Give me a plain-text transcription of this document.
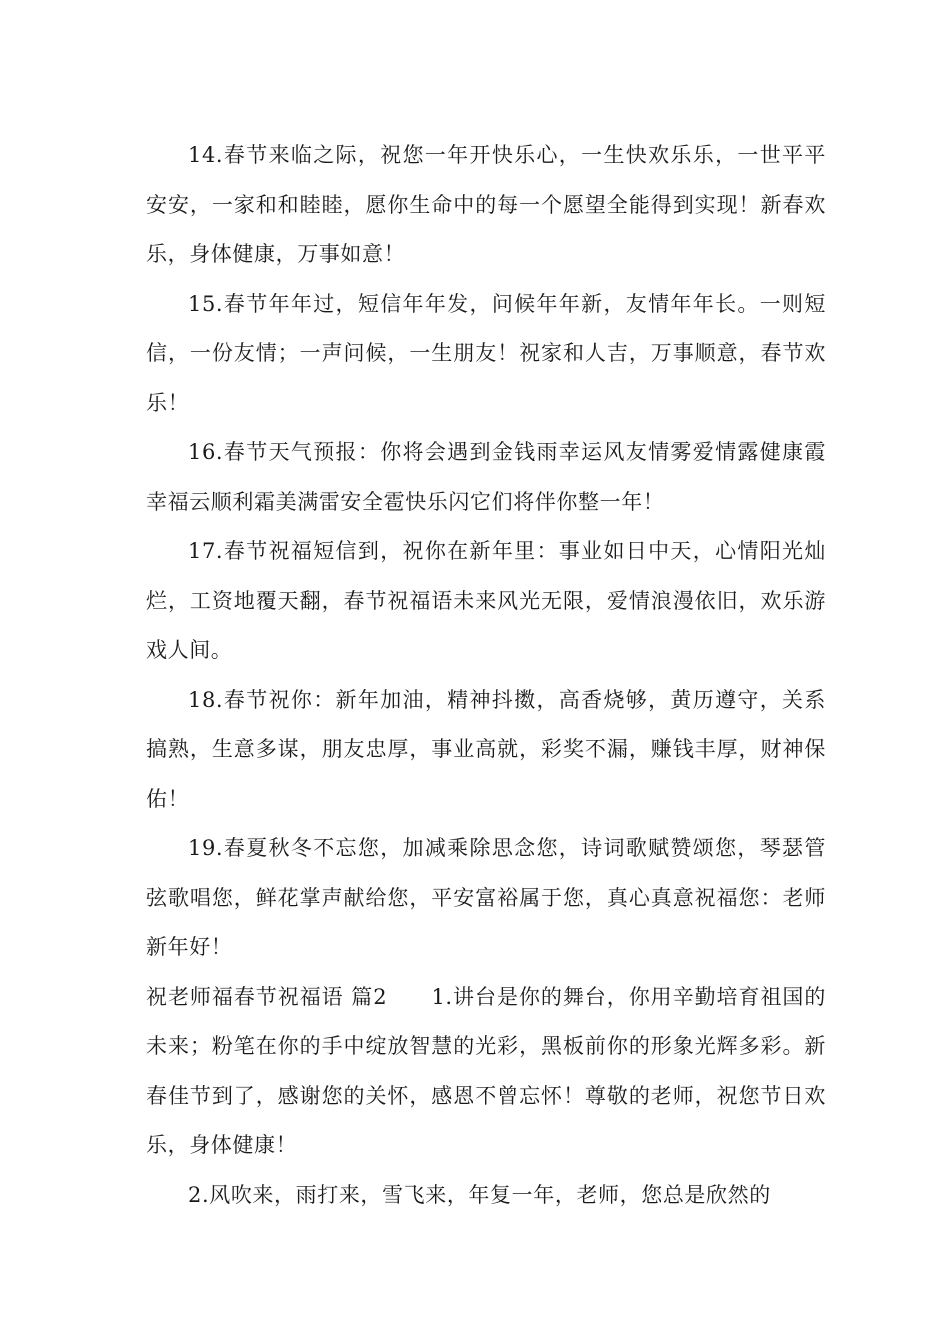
14.春节来临之际，祝您一年开快乐心，一生快欢乐乐，一世平平安安，一家和和睦睦，愿你生命中的每一个愿望全能得到实现！新春欢乐，身体健康，万事如意！

15.春节年年过，短信年年发，问候年年新，友情年年长。一则短信，一份友情；一声问候，一生朋友！祝家和人吉，万事顺意，春节欢乐！

16.春节天气预报：你将会遇到金钱雨幸运风友情雾爱情露健康霞幸福云顺利霜美满雷安全雹快乐闪它们将伴你整一年！

17.春节祝福短信到，祝你在新年里：事业如日中天，心情阳光灿烂，工资地覆天翻，春节祝福语未来风光无限，爱情浪漫依旧，欢乐游戏人间。

18.春节祝你：新年加油，精神抖擞，高香烧够，黄历遵守，关系搞熟，生意多谋，朋友忠厚，事业高就，彩奖不漏，赚钱丰厚，财神保佑！

19.春夏秋冬不忘您，加减乘除思念您，诗词歌赋赞颂您，琴瑟管弦歌唱您，鲜花掌声献给您，平安富裕属于您，真心真意祝福您：老师新年好！

祝老师福春节祝福语 篇2　　1.讲台是你的舞台，你用辛勤培育祖国的未来；粉笔在你的手中绽放智慧的光彩，黑板前你的形象光辉多彩。新春佳节到了，感谢您的关怀，感恩不曾忘怀！尊敬的老师，祝您节日欢乐，身体健康！

2.风吹来，雨打来，雪飞来，年复一年，老师，您总是欣然的
